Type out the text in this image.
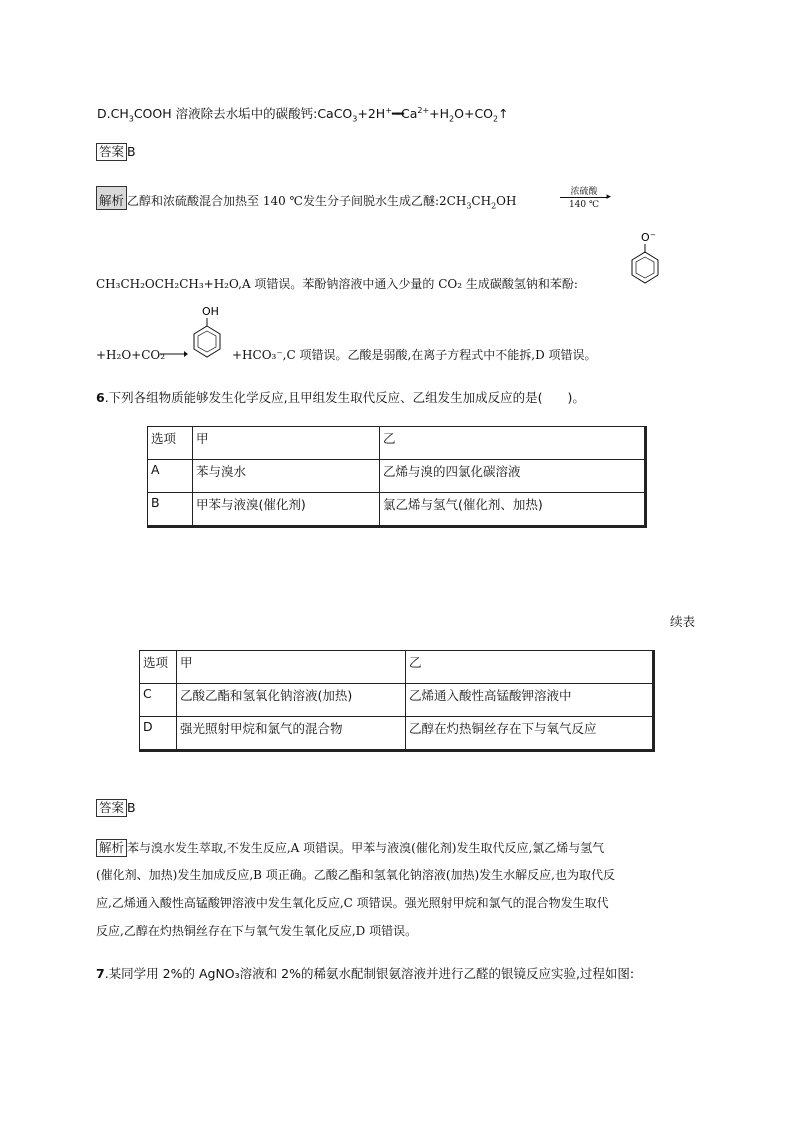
$D.CH_3COOH$ 溶液除去水垢中的碳酸钙$:CaCO_3+2H^+━━Ca^{2+}+H_2O+CO_2↑$
答案 B
解析 乙醇和浓硫酸混合加热至 140 ℃发生分子间脱水生成乙醚$:2CH_3CH_2OH$
浓硫酸 ▸
140 ℃
O −
CH₃CH₂OCH₂CH₃+H₂O,A 项错误。苯酚钠溶液中通入少量的 CO₂ 生成碳酸氢钠和苯酚:
+H₂O+CO₂
OH
+HCO₃⁻,C 项错误。乙酸是弱酸,在离子方程式中不能拆,D 项错误。
6.下列各组物质能够发生化学反应,且甲组发生取代反应、乙组发生加成反应的是(　　)。
选项	甲	乙
A	苯与溴水	乙烯与溴的四氯化碳溶液
B	甲苯与液溴(催化剂)	氯乙烯与氢气(催化剂、加热)
续表
选项	甲	乙
C	乙酸乙酯和氢氧化钠溶液(加热)	乙烯通入酸性高锰酸钾溶液中
D	强光照射甲烷和氯气的混合物	乙醇在灼热铜丝存在下与氧气反应
答案 B
解析 苯与溴水发生萃取,不发生反应,A 项错误。甲苯与液溴(催化剂)发生取代反应,氯乙烯与氢气
(催化剂、加热)发生加成反应,B 项正确。乙酸乙酯和氢氧化钠溶液(加热)发生水解反应,也为取代反
应,乙烯通入酸性高锰酸钾溶液中发生氧化反应,C 项错误。强光照射甲烷和氯气的混合物发生取代
反应,乙醇在灼热铜丝存在下与氧气发生氧化反应,D 项错误。
7.某同学用 2%的 AgNO₃溶液和 2%的稀氨水配制银氨溶液并进行乙醛的银镜反应实验,过程如图:
